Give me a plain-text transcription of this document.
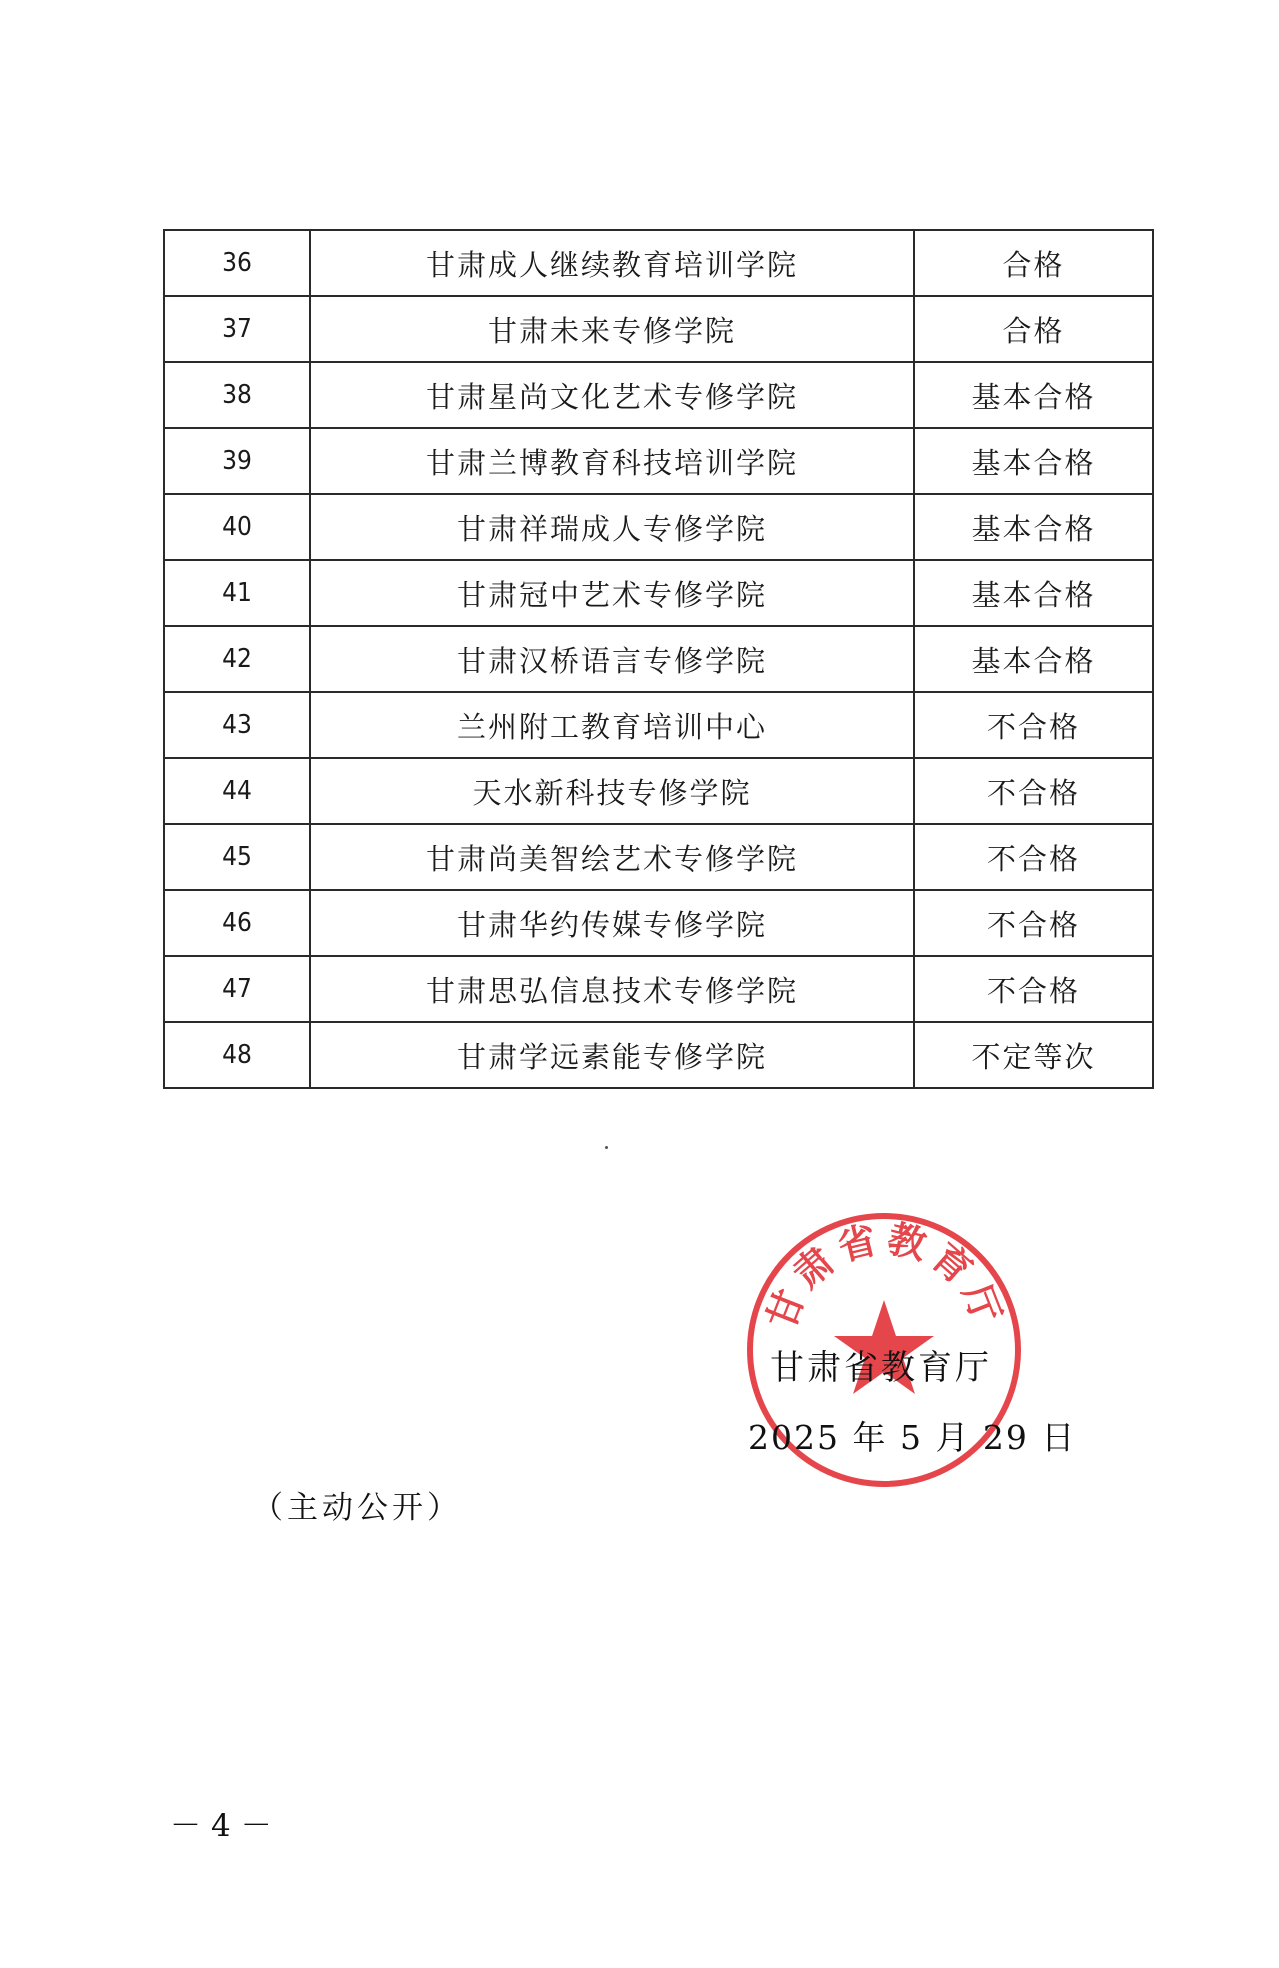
36	甘肃成人继续教育培训学院	合格
37	甘肃未来专修学院	合格
38	甘肃星尚文化艺术专修学院	基本合格
39	甘肃兰博教育科技培训学院	基本合格
40	甘肃祥瑞成人专修学院	基本合格
41	甘肃冠中艺术专修学院	基本合格
42	甘肃汉桥语言专修学院	基本合格
43	兰州附工教育培训中心	不合格
44	天水新科技专修学院	不合格
45	甘肃尚美智绘艺术专修学院	不合格
46	甘肃华约传媒专修学院	不合格
47	甘肃思弘信息技术专修学院	不合格
48	甘肃学远素能专修学院	不定等次
甘肃省教育厅
甘肃省教育厅
2025 年 5 月 29 日
（主动公开）
－4－
